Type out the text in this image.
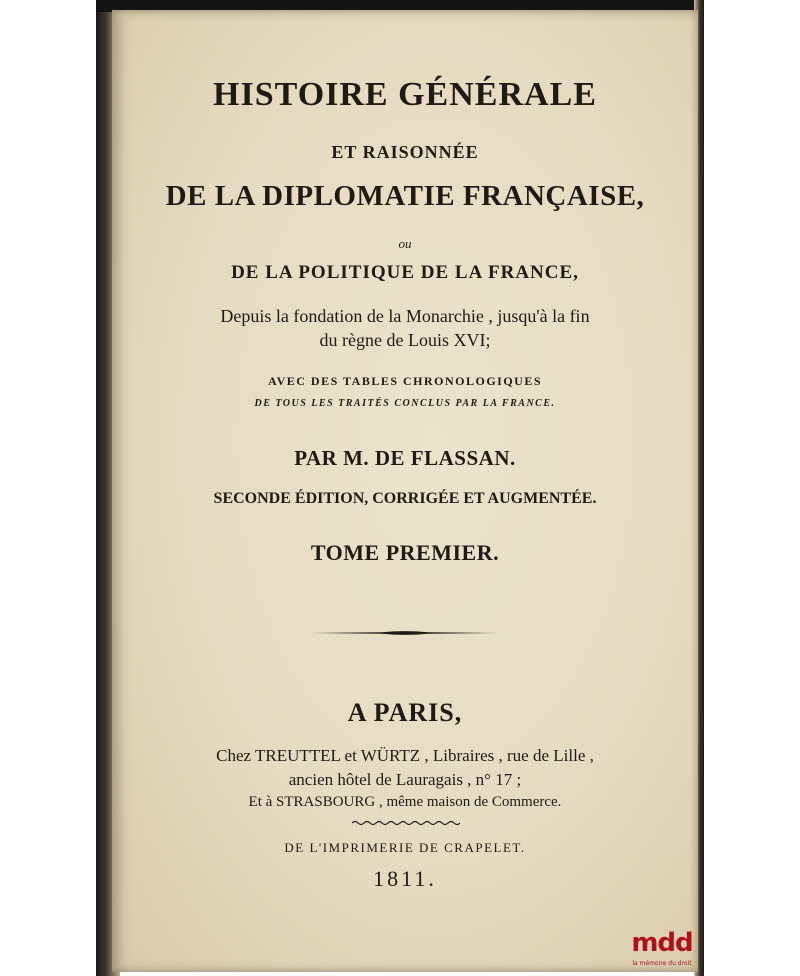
HISTOIRE GÉNÉRALE
ET RAISONNÉE
DE LA DIPLOMATIE FRANÇAISE,
ou
DE LA POLITIQUE DE LA FRANCE,
Depuis la fondation de la Monarchie , jusqu'à la fin
du règne de Louis XVI;
AVEC DES TABLES CHRONOLOGIQUES
DE TOUS LES TRAITÉS CONCLUS PAR LA FRANCE.
PAR M. DE FLASSAN.
SECONDE ÉDITION, CORRIGÉE ET AUGMENTÉE.
TOME PREMIER.
A PARIS,
Chez TREUTTEL et WÜRTZ , Libraires , rue de Lille ,
ancien hôtel de Lauragais , n° 17 ;
Et à STRASBOURG , même maison de Commerce.
DE L'IMPRIMERIE DE CRAPELET.
1811.
mdd
la mémoire du droit
